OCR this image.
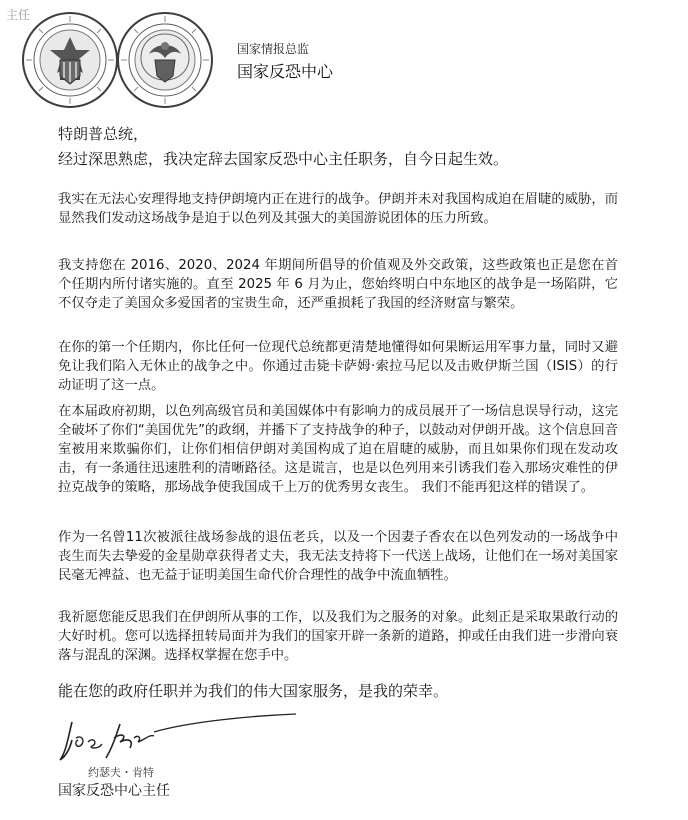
主任
国家情报总监
国家反恐中心
特朗普总统，
经过深思熟虑，我决定辞去国家反恐中心主任职务，自今日起生效。

我实在无法心安理得地支持伊朗境内正在进行的战争。伊朗并未对我国构成迫在眉睫的威胁，而显然我们发动这场战争是迫于以色列及其强大的美国游说团体的压力所致。

我支持您在 2016、2020、2024 年期间所倡导的价值观及外交政策，这些政策也正是您在首个任期内所付诸实施的。直至 2025 年 6 月为止，您始终明白中东地区的战争是一场陷阱，它不仅夺走了美国众多爱国者的宝贵生命，还严重损耗了我国的经济财富与繁荣。

在你的第一个任期内，你比任何一位现代总统都更清楚地懂得如何果断运用军事力量，同时又避免让我们陷入无休止的战争之中。你通过击毙卡萨姆·索拉马尼以及击败伊斯兰国（ISIS）的行动证明了这一点。

在本届政府初期，以色列高级官员和美国媒体中有影响力的成员展开了一场信息误导行动，这完全破坏了你们“美国优先”的政纲，并播下了支持战争的种子，以鼓动对伊朗开战。这个信息回音室被用来欺骗你们，让你们相信伊朗对美国构成了迫在眉睫的威胁，而且如果你们现在发动攻击，有一条通往迅速胜利的清晰路径。这是谎言，也是以色列用来引诱我们卷入那场灾难性的伊拉克战争的策略，那场战争使我国成千上万的优秀男女丧生。 我们不能再犯这样的错误了。

作为一名曾11次被派往战场参战的退伍老兵，以及一个因妻子香农在以色列发动的一场战争中丧生而失去挚爱的金星勋章获得者丈夫，我无法支持将下一代送上战场，让他们在一场对美国家民毫无裨益、也无益于证明美国生命代价合理性的战争中流血牺牲。

我祈愿您能反思我们在伊朗所从事的工作，以及我们为之服务的对象。此刻正是采取果敢行动的大好时机。您可以选择扭转局面并为我们的国家开辟一条新的道路，抑或任由我们进一步滑向衰落与混乱的深渊。选择权掌握在您手中。

能在您的政府任职并为我们的伟大国家服务，是我的荣幸。
约瑟夫・肯特
国家反恐中心主任
